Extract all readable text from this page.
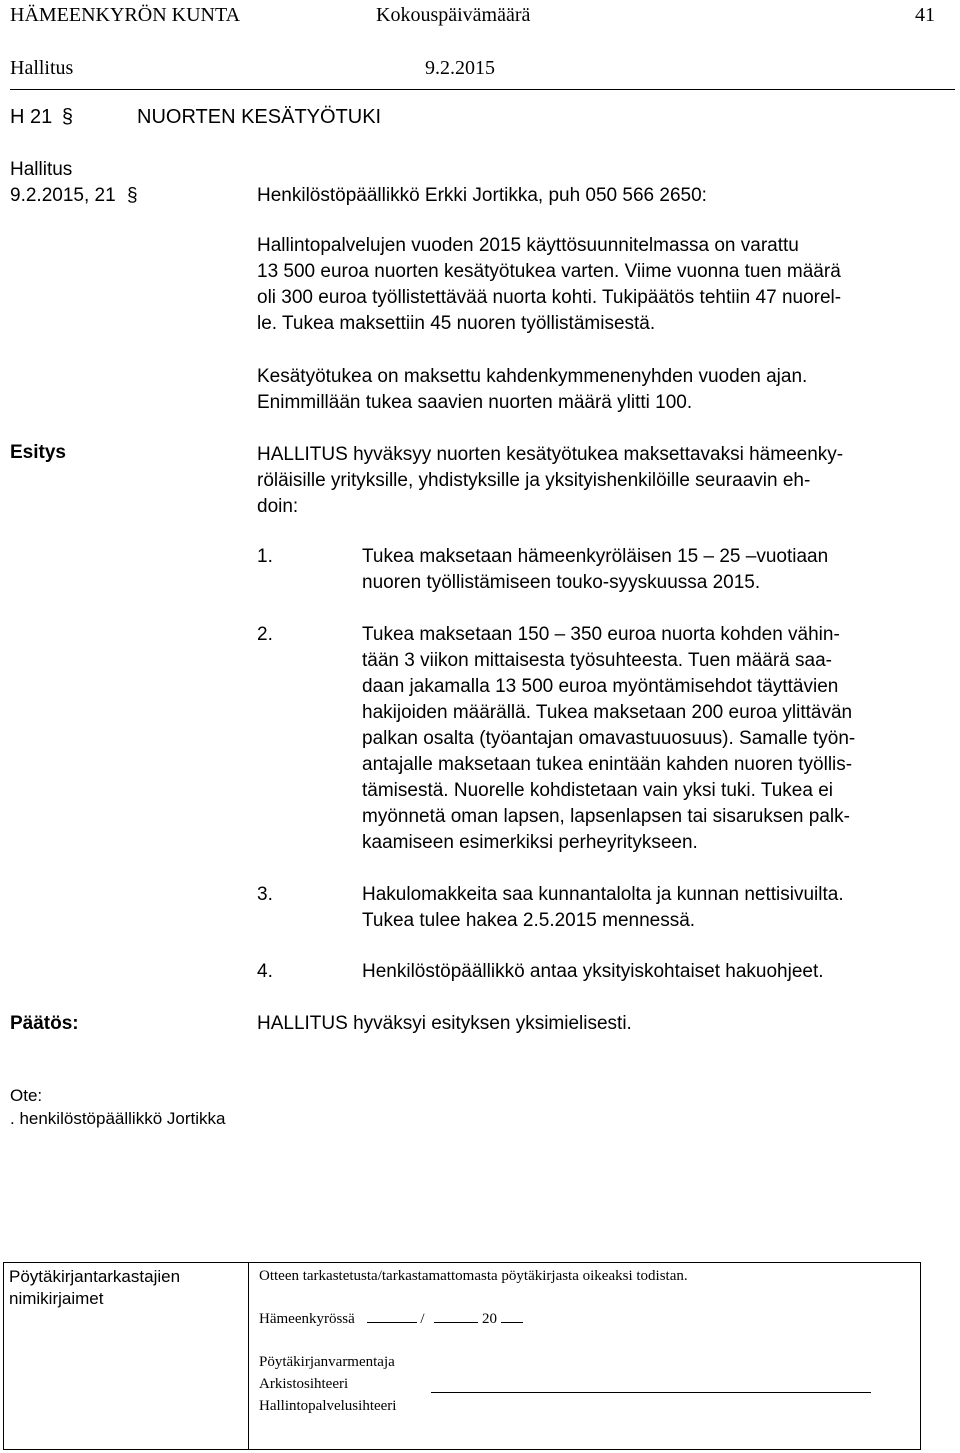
HÄMEENKYRÖN KUNTA	Kokouspäivämäärä	41
Hallitus	9.2.2015
H 21 §	NUORTEN KESÄTYÖTUKI
Hallitus
9.2.2015, 21 §	Henkilöstöpäällikkö Erkki Jortikka, puh 050 566 2650:
Hallintopalvelujen vuoden 2015 käyttösuunnitelmassa on varattu
13 500 euroa nuorten kesätyötukea varten. Viime vuonna tuen määrä
oli 300 euroa työllistettävää nuorta kohti. Tukipäätös tehtiin 47 nuorel-
le. Tukea maksettiin 45 nuoren työllistämisestä.
Kesätyötukea on maksettu kahdenkymmenenyhden vuoden ajan.
Enimmillään tukea saavien nuorten määrä ylitti 100.
Esitys	HALLITUS hyväksyy nuorten kesätyötukea maksettavaksi hämeenky-
röläisille yrityksille, yhdistyksille ja yksityishenkilöille seuraavin eh-
doin:
1.	Tukea maksetaan hämeenkyröläisen 15 – 25 –vuotiaan
nuoren työllistämiseen touko-syyskuussa 2015.
2.	Tukea maksetaan 150 – 350 euroa nuorta kohden vähin-
tään 3 viikon mittaisesta työsuhteesta. Tuen määrä saa-
daan jakamalla 13 500 euroa myöntämisehdot täyttävien
hakijoiden määrällä. Tukea maksetaan 200 euroa ylittävän
palkan osalta (työantajan omavastuuosuus). Samalle työn-
antajalle maksetaan tukea enintään kahden nuoren työllis-
tämisestä. Nuorelle kohdistetaan vain yksi tuki. Tukea ei
myönnetä oman lapsen, lapsenlapsen tai sisaruksen palk-
kaamiseen esimerkiksi perheyritykseen.
3.	Hakulomakkeita saa kunnantalolta ja kunnan nettisivuilta.
Tukea tulee hakea 2.5.2015 mennessä.
4.	Henkilöstöpäällikkö antaa yksityiskohtaiset hakuohjeet.
Päätös:	HALLITUS hyväksyi esityksen yksimielisesti.
Ote:
. henkilöstöpäällikkö Jortikka
Pöytäkirjantarkastajien
nimikirjaimet
Otteen tarkastetusta/tarkastamattomasta pöytäkirjasta oikeaksi todistan.
Hämeenkyrössä	/	20
Pöytäkirjanvarmentaja
Arkistosihteeri
Hallintopalvelusihteeri
